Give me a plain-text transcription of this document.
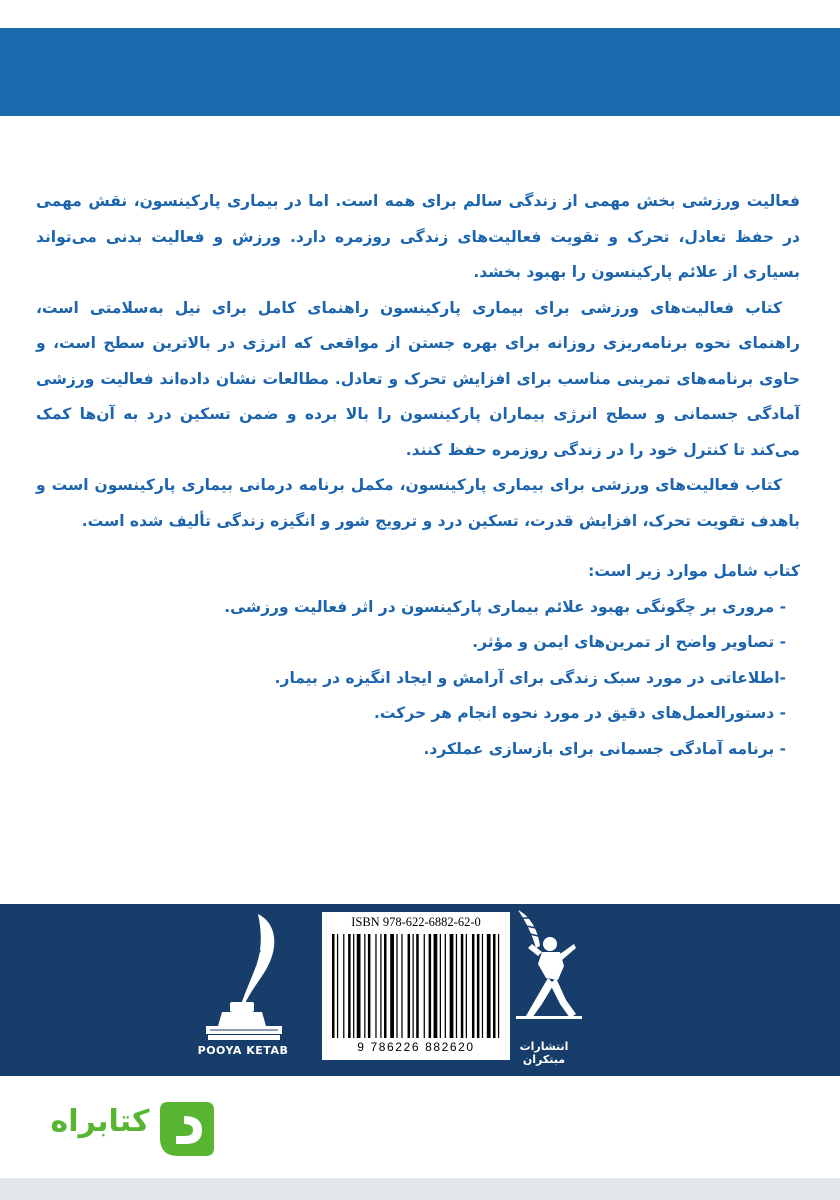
فعالیت ورزشی بخش مهمی از زندگی سالم برای همه است. اما در بیماری پارکینسون، نقش مهمی در حفظ تعادل، تحرک و تقویت فعالیت‌های زندگی روزمره دارد. ورزش و فعالیت بدنی می‌تواند بسیاری از علائم پارکینسون را بهبود بخشد.

کتاب فعالیت‌های ورزشی برای بیماری پارکینسون راهنمای کامل برای نیل به‌سلامتی است، راهنمای نحوه برنامه‌ریزی روزانه برای بهره جستن از مواقعی که انرژی در بالاترین سطح است، و حاوی برنامه‌های تمرینی مناسب برای افزایش تحرک و تعادل. مطالعات نشان داده‌اند فعالیت ورزشی آمادگی جسمانی و سطح انرژی بیماران پارکینسون را بالا برده و ضمن تسکین درد به آن‌ها کمک می‌کند تا کنترل خود را در زندگی روزمره حفظ کنند.

کتاب فعالیت‌های ورزشی برای بیماری پارکینسون، مکمل برنامه درمانی بیماری پارکینسون است و باهدف تقویت تحرک، افزایش قدرت، تسکین درد و ترویج شور و انگیزه زندگی تألیف شده است.

کتاب شامل موارد زیر است:

- مروری بر چگونگی بهبود علائم بیماری پارکینسون در اثر فعالیت ورزشی.
- تصاویر واضح از تمرین‌های ایمن و مؤثر.
-اطلاعاتی در مورد سبک زندگی برای آرامش و ایجاد انگیزه در بیمار.
- دستورالعمل‌های دقیق در مورد نحوه انجام هر حرکت.
- برنامه آمادگی جسمانی برای بازسازی عملکرد.
POOYA KETAB
ISBN 978-622-6882-62-0
9 786226 882620	انتشارات مبتکران
کتابراه
